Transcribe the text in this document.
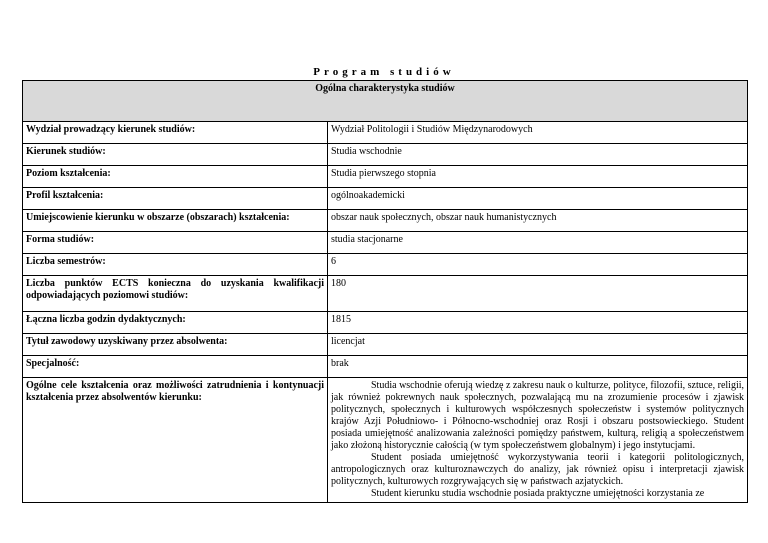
Program studiów
Ogólna charakterystyka studiów	
Wydział prowadzący kierunek studiów:	Wydział Politologii i Studiów Międzynarodowych
Kierunek studiów:	Studia wschodnie
Poziom kształcenia:	Studia pierwszego stopnia
Profil kształcenia:	ogólnoakademicki
Umiejscowienie kierunku w obszarze (obszarach) kształcenia:	obszar nauk społecznych, obszar nauk humanistycznych
Forma studiów:	studia stacjonarne
Liczba semestrów:	6
Liczba punktów ECTS konieczna do uzyskania kwalifikacji odpowiadających poziomowi studiów:	180
Łączna liczba godzin dydaktycznych:	1815
Tytuł zawodowy uzyskiwany przez absolwenta:	licencjat
Specjalność:	brak
Ogólne cele kształcenia oraz możliwości zatrudnienia i kontynuacji kształcenia przez absolwentów kierunku:	Studia wschodnie oferują wiedzę z zakresu nauk o kulturze, polityce, filozofii, sztuce, religii, jak również pokrewnych nauk społecznych, pozwalającą mu na zrozumienie procesów i zjawisk politycznych, społecznych i kulturowych współczesnych społeczeństw i systemów politycznych krajów Azji Południowo- i Północno-wschodniej oraz Rosji i obszaru postsowieckiego. Student posiada umiejętność analizowania zależności pomiędzy państwem, kulturą, religią a społeczeństwem jako złożoną historycznie całością (w tym społeczeństwem globalnym) i jego instytucjami.

Student posiada umiejętność wykorzystywania teorii i kategorii politologicznych, antropologicznych oraz kulturoznawczych do analizy, jak również opisu i interpretacji zjawisk politycznych, kulturowych rozgrywających się w państwach azjatyckich.

Student kierunku studia wschodnie posiada praktyczne umiejętności korzystania ze
